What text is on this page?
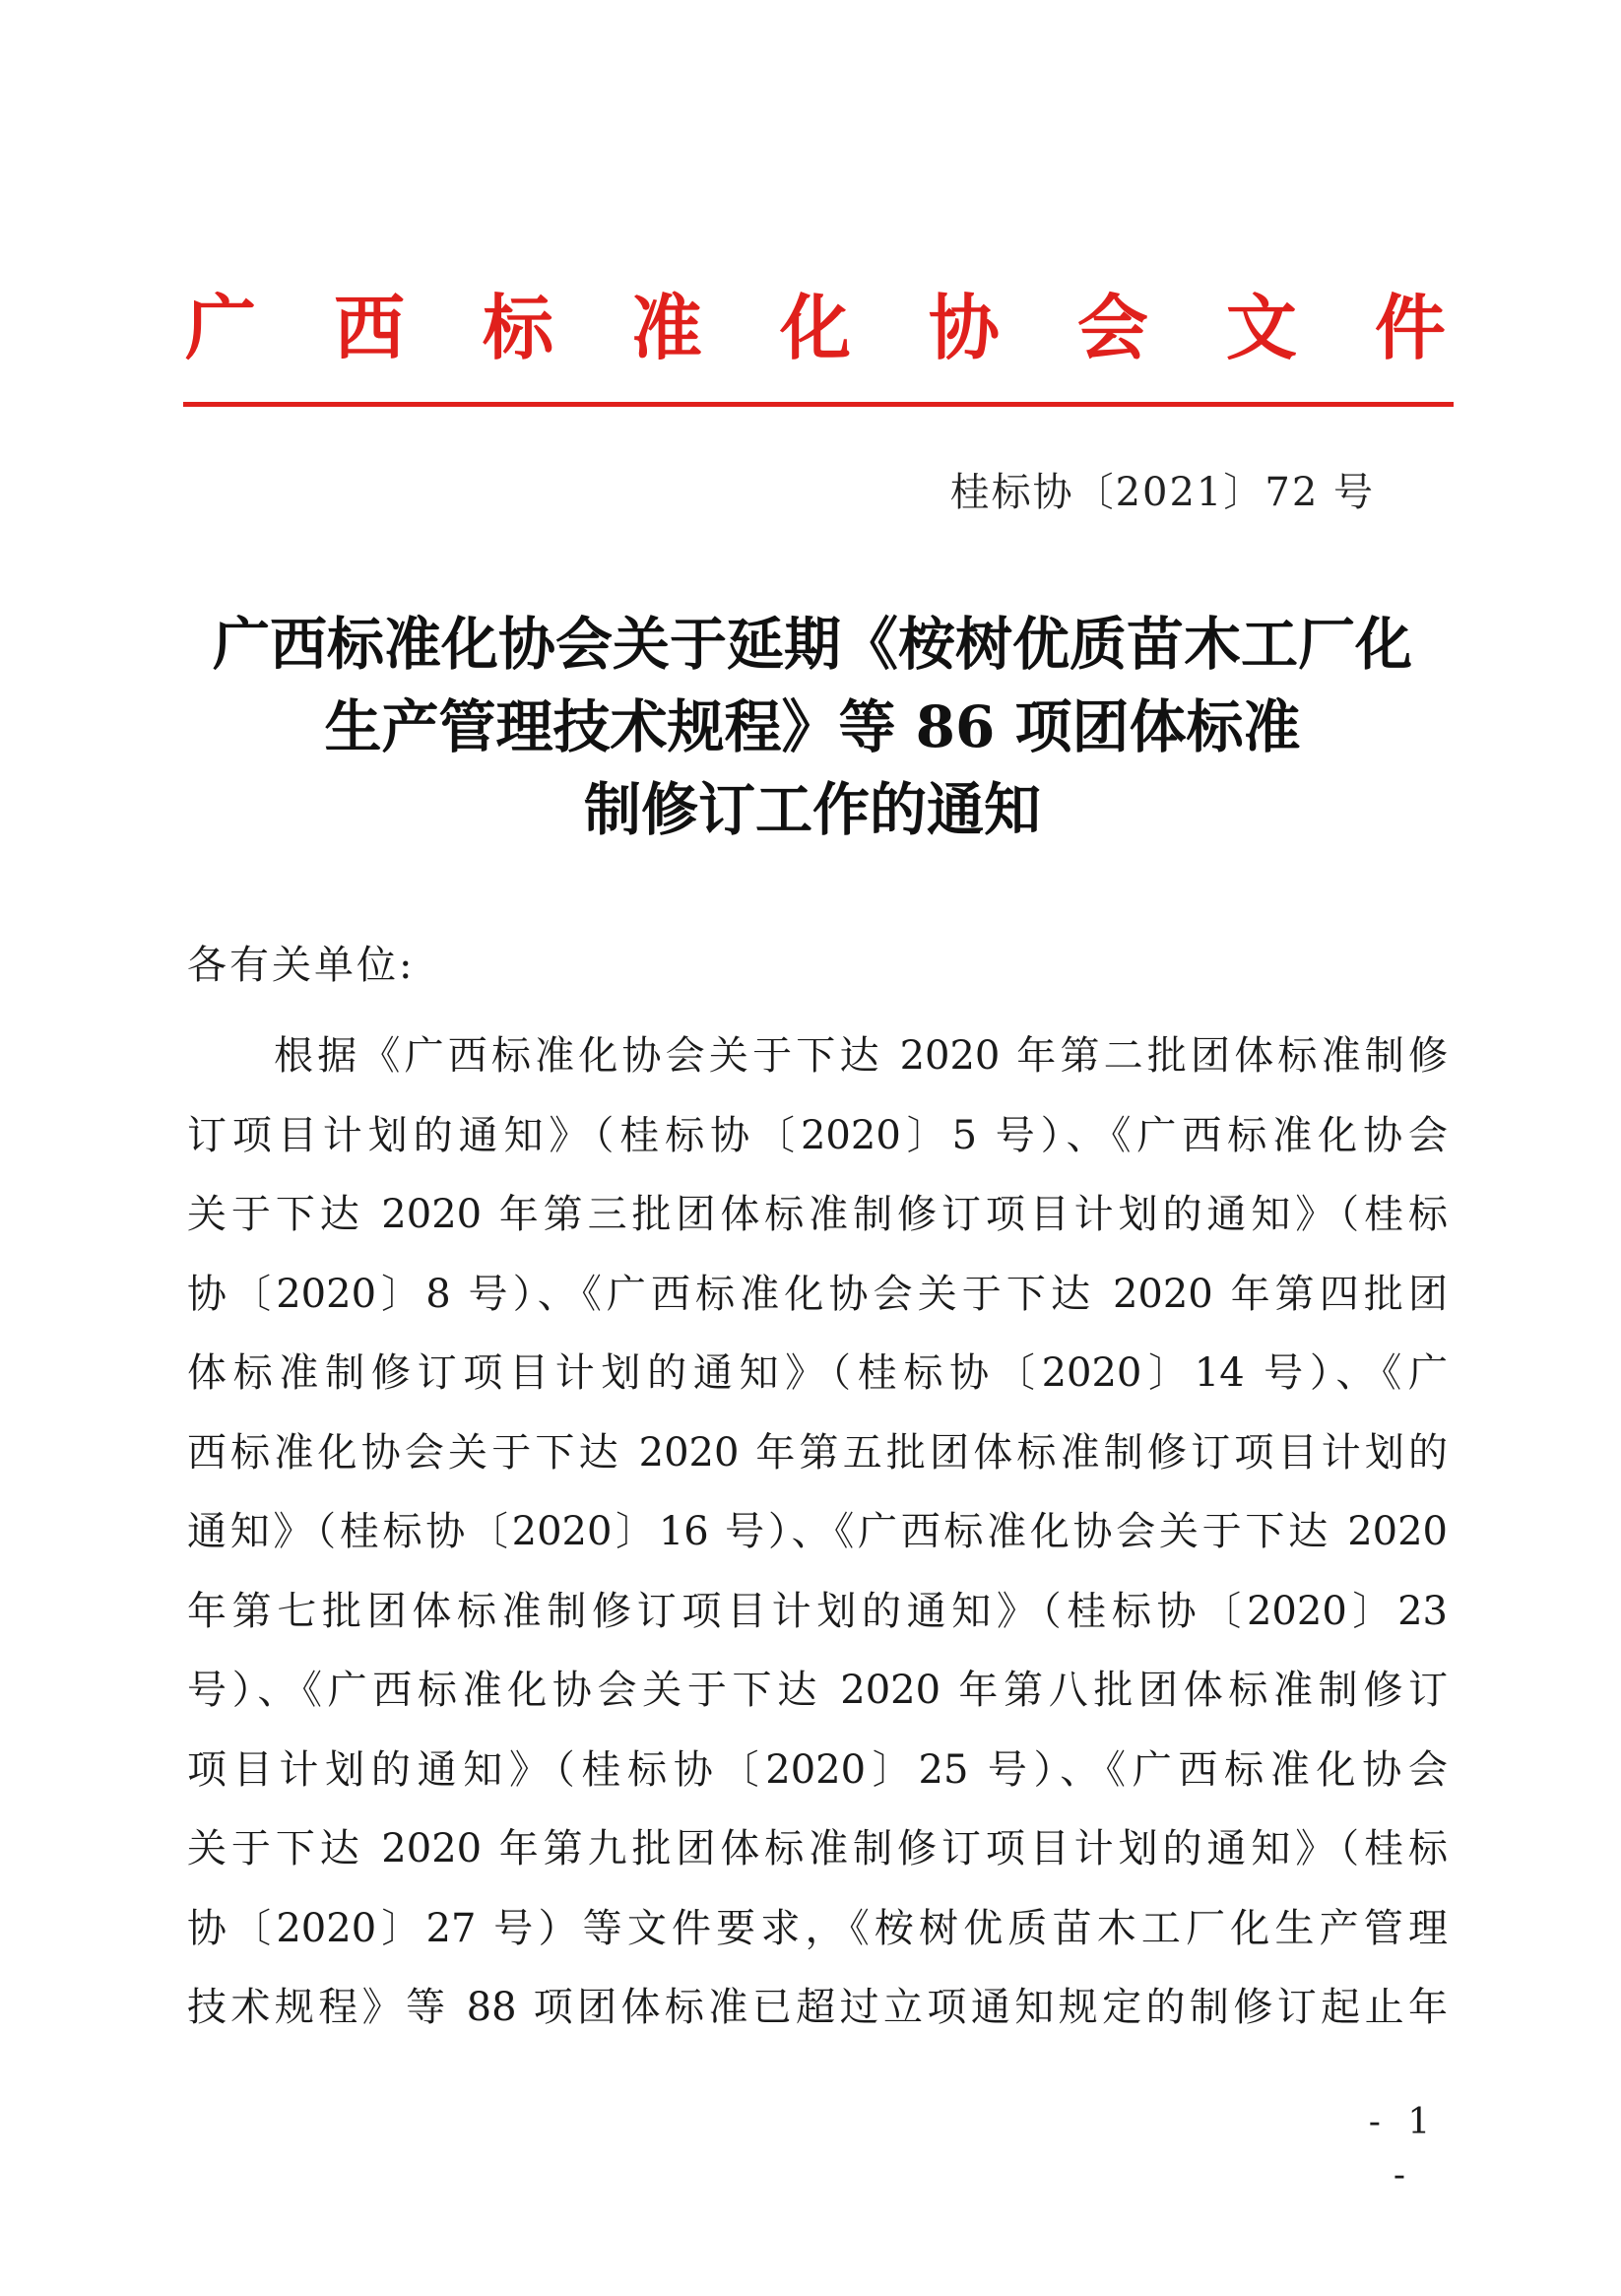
广 西 标 准 化 协 会 文 件
桂标协〔2021〕72 号
广西标准化协会关于延期《桉树优质苗木工厂化
生产管理技术规程》等 86 项团体标准
制修订工作的通知
各有关单位:
根据《广西标准化协会关于下达 2020 年第二批团体标准制修
订项目计划的通知》（桂标协〔2020〕5 号）、《广西标准化协会
关于下达 2020 年第三批团体标准制修订项目计划的通知》（桂标
协〔2020〕8 号）、《广西标准化协会关于下达 2020 年第四批团
体标准制修订项目计划的通知》（桂标协〔2020〕14 号）、《广
西标准化协会关于下达 2020 年第五批团体标准制修订项目计划的
通知》（桂标协〔2020〕16 号）、《广西标准化协会关于下达 2020
年第七批团体标准制修订项目计划的通知》（桂标协〔2020〕23
号）、《广西标准化协会关于下达 2020 年第八批团体标准制修订
项目计划的通知》（桂标协〔2020〕25 号）、《广西标准化协会
关于下达 2020 年第九批团体标准制修订项目计划的通知》（桂标
协〔2020〕27 号）等文件要求，《桉树优质苗木工厂化生产管理
技术规程》等 88 项团体标准已超过立项通知规定的制修订起止年
- 1 -
